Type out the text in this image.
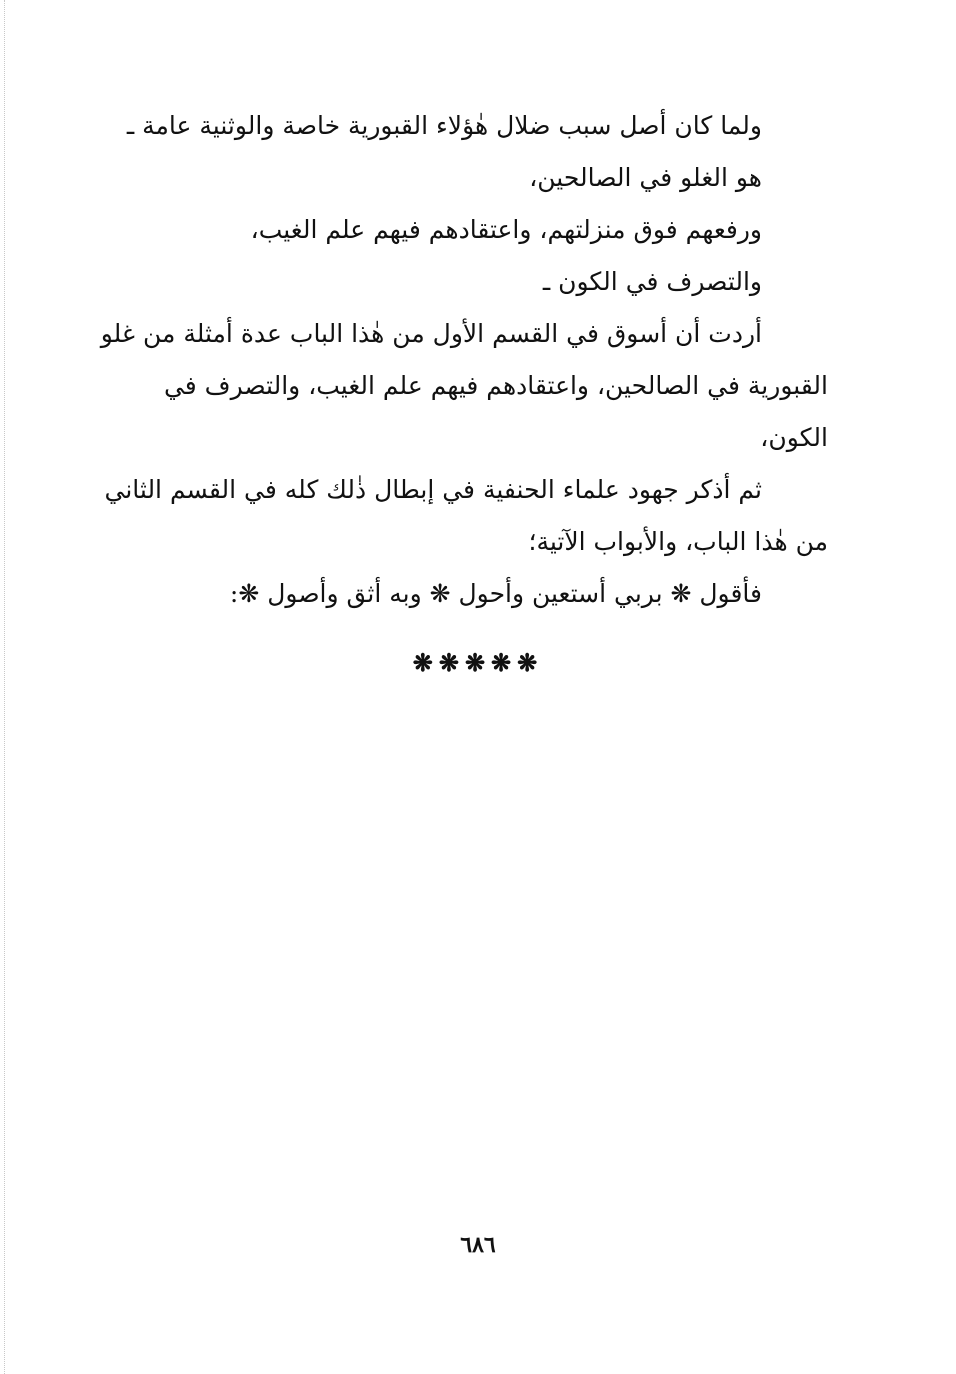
ولما كان أصل سبب ضلال هٰؤلاء القبورية خاصة والوثنية عامة ـ
هو الغلو في الصالحين،
ورفعهم فوق منزلتهم، واعتقادهم فيهم علم الغيب،
والتصرف في الكون ـ
أردت أن أسوق في القسم الأول من هٰذا الباب عدة أمثلة من غلو
القبورية في الصالحين، واعتقادهم فيهم علم الغيب، والتصرف في
الكون،
ثم أذكر جهود علماء الحنفية في إبطال ذٰلك كله في القسم الثاني
من هٰذا الباب، والأبواب الآتية؛
فأقول ❋ بربي أستعين وأحول ❋ وبه أثق وأصول ❋:
❋❋❋❋❋
٦٨٦
